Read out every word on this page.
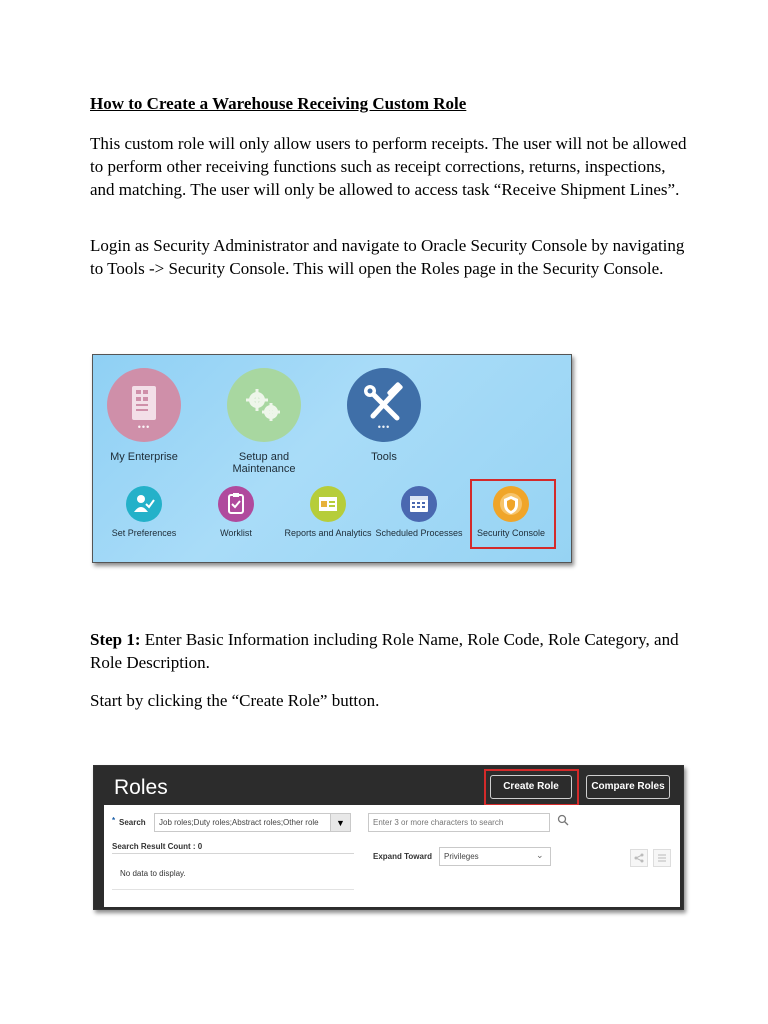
How to Create a Warehouse Receiving Custom Role
This custom role will only allow users to perform receipts. The user will not be allowed to perform other receiving functions such as receipt corrections, returns, inspections, and matching. The user will only be allowed to access task “Receive Shipment Lines”.
Login as Security Administrator and navigate to Oracle Security Console by navigating to Tools -> Security Console. This will open the Roles page in the Security Console.
•••
My Enterprise	Setup and
Maintenance
•••
Tools
Set Preferences	Worklist	Reports and Analytics Scheduled Processes	Security Console
Step 1: Enter Basic Information including Role Name, Role Code, Role Category, and Role Description.
Start by clicking the “Create Role” button.
Roles	Create Role	Compare Roles
* Search	Job roles;Duty roles;Abstract roles;Other role	▼
Search Result Count : 0
No data to display.
Enter 3 or more characters to search
Expand Toward	Privileges	⌄
